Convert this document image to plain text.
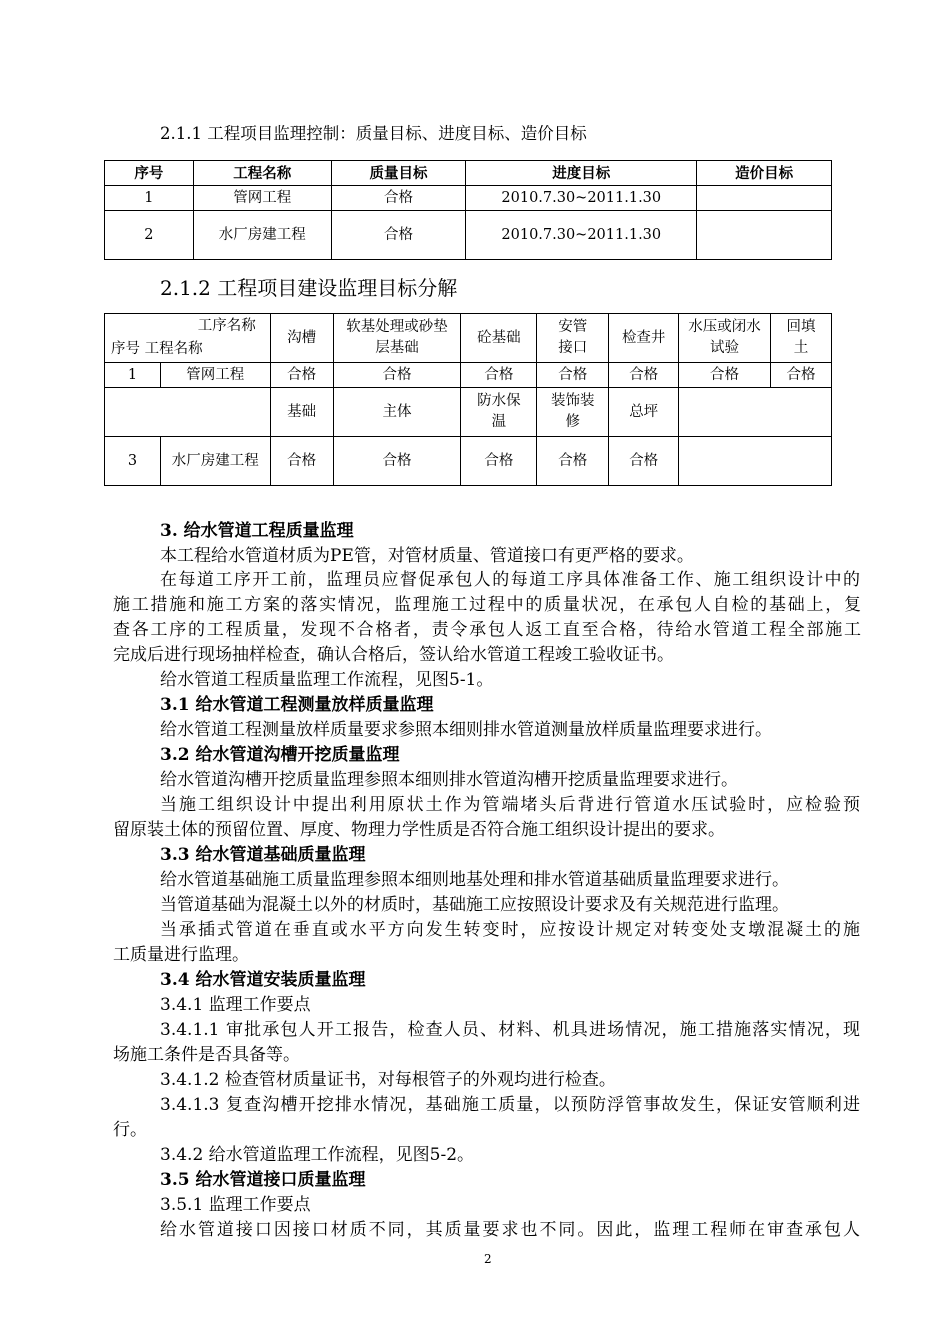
2.1.1 工程项目监理控制：质量目标、进度目标、造价目标
序号	工程名称	质量目标	进度目标	造价目标
1	管网工程	合格	2010.7.30~2011.1.30	
2	水厂房建工程	合格	2010.7.30~2011.1.30	
2.1.2 工程项目建设监理目标分解
工序名称
序号 工程名称		沟槽	软基处理或砂垫层基础	砼基础	安管接口	检查井	水压或闭水试验	回填土
1	管网工程	合格	合格	合格	合格	合格	合格	合格
		基础	主体	防水保温	装饰装修	总坪		
3	水厂房建工程	合格	合格	合格	合格	合格		
3. 给水管道工程质量监理
本工程给水管道材质为PE管，对管材质量、管道接口有更严格的要求。
在每道工序开工前，监理员应督促承包人的每道工序具体准备工作、施工组织设计中的
施工措施和施工方案的落实情况，监理施工过程中的质量状况，在承包人自检的基础上，复
查各工序的工程质量，发现不合格者，责令承包人返工直至合格，待给水管道工程全部施工
完成后进行现场抽样检查，确认合格后，签认给水管道工程竣工验收证书。
给水管道工程质量监理工作流程，见图5-1。
3.1 给水管道工程测量放样质量监理
给水管道工程测量放样质量要求参照本细则排水管道测量放样质量监理要求进行。
3.2 给水管道沟槽开挖质量监理
给水管道沟槽开挖质量监理参照本细则排水管道沟槽开挖质量监理要求进行。
当施工组织设计中提出利用原状土作为管端堵头后背进行管道水压试验时，应检验预
留原装土体的预留位置、厚度、物理力学性质是否符合施工组织设计提出的要求。
3.3 给水管道基础质量监理
给水管道基础施工质量监理参照本细则地基处理和排水管道基础质量监理要求进行。
当管道基础为混凝土以外的材质时，基础施工应按照设计要求及有关规范进行监理。
当承插式管道在垂直或水平方向发生转变时，应按设计规定对转变处支墩混凝土的施
工质量进行监理。
3.4 给水管道安装质量监理
3.4.1 监理工作要点
3.4.1.1 审批承包人开工报告，检查人员、材料、机具进场情况，施工措施落实情况，现
场施工条件是否具备等。
3.4.1.2 检查管材质量证书，对每根管子的外观均进行检查。
3.4.1.3 复查沟槽开挖排水情况，基础施工质量，以预防浮管事故发生，保证安管顺利进
行。
3.4.2 给水管道监理工作流程，见图5-2。
3.5 给水管道接口质量监理
3.5.1 监理工作要点
给水管道接口因接口材质不同，其质量要求也不同。因此，监理工程师在审查承包人
2
